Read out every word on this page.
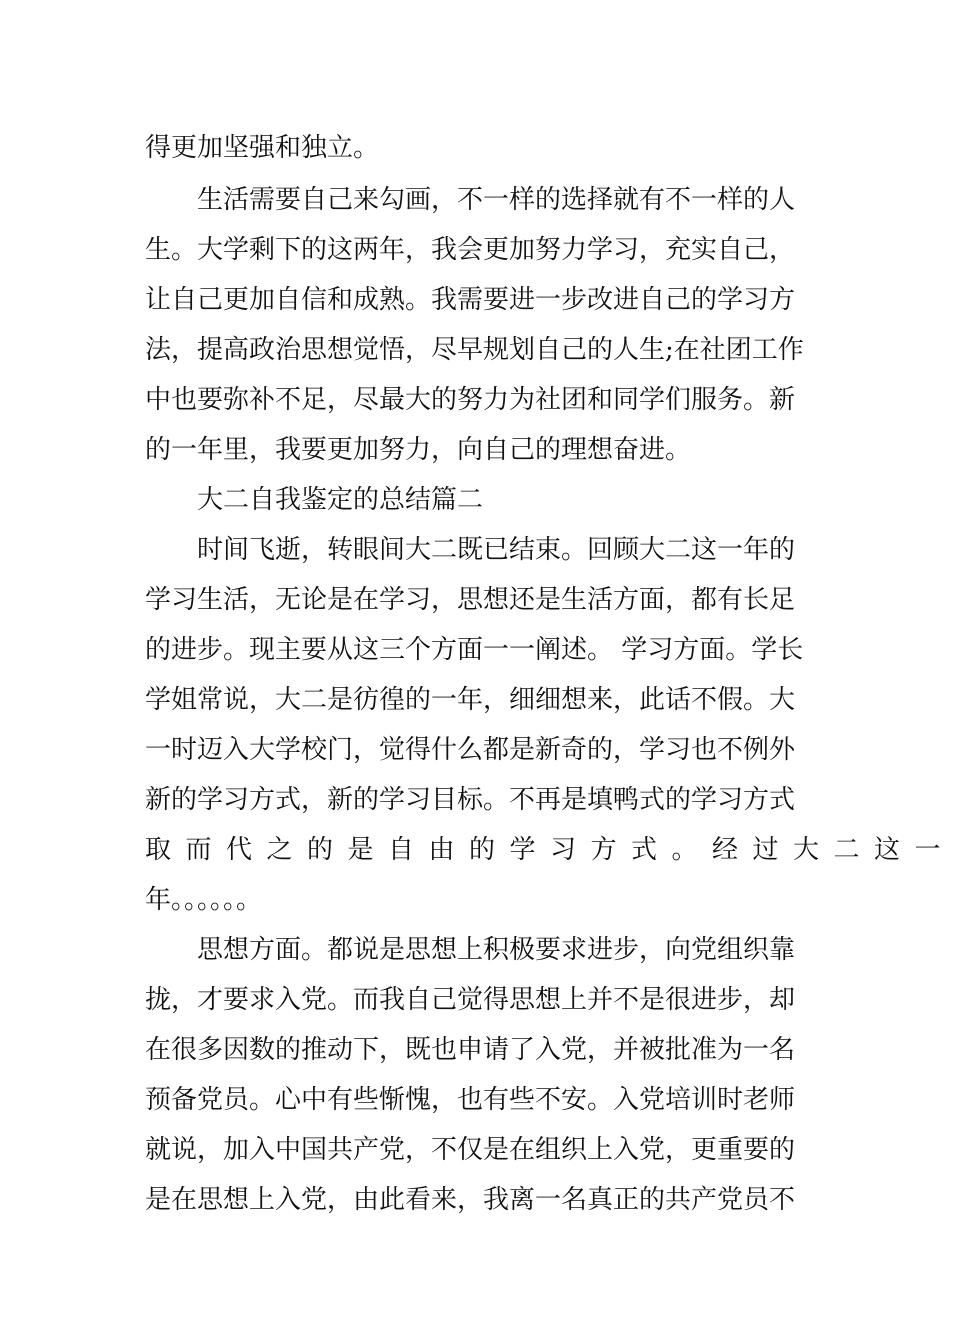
得更加坚强和独立。
生活需要自己来勾画，不一样的选择就有不一样的人
生。大学剩下的这两年，我会更加努力学习，充实自己，
让自己更加自信和成熟。我需要进一步改进自己的学习方
法，提高政治思想觉悟，尽早规划自己的人生;在社团工作
中也要弥补不足，尽最大的努力为社团和同学们服务。新
的一年里，我要更加努力，向自己的理想奋进。
大二自我鉴定的总结篇二
时间飞逝，转眼间大二既已结束。回顾大二这一年的
学习生活，无论是在学习，思想还是生活方面，都有长足
的进步。现主要从这三个方面一一阐述。 学习方面。学长
学姐常说，大二是彷徨的一年，细细想来，此话不假。大
一时迈入大学校门，觉得什么都是新奇的，学习也不例外
新的学习方式，新的学习目标。不再是填鸭式的学习方式
取而代之的是自由的学习方式。经过大二这一
年。。。。。。
思想方面。都说是思想上积极要求进步，向党组织靠
拢，才要求入党。而我自己觉得思想上并不是很进步，却
在很多因数的推动下，既也申请了入党，并被批准为一名
预备党员。心中有些惭愧，也有些不安。入党培训时老师
就说，加入中国共产党，不仅是在组织上入党，更重要的
是在思想上入党，由此看来，我离一名真正的共产党员不
